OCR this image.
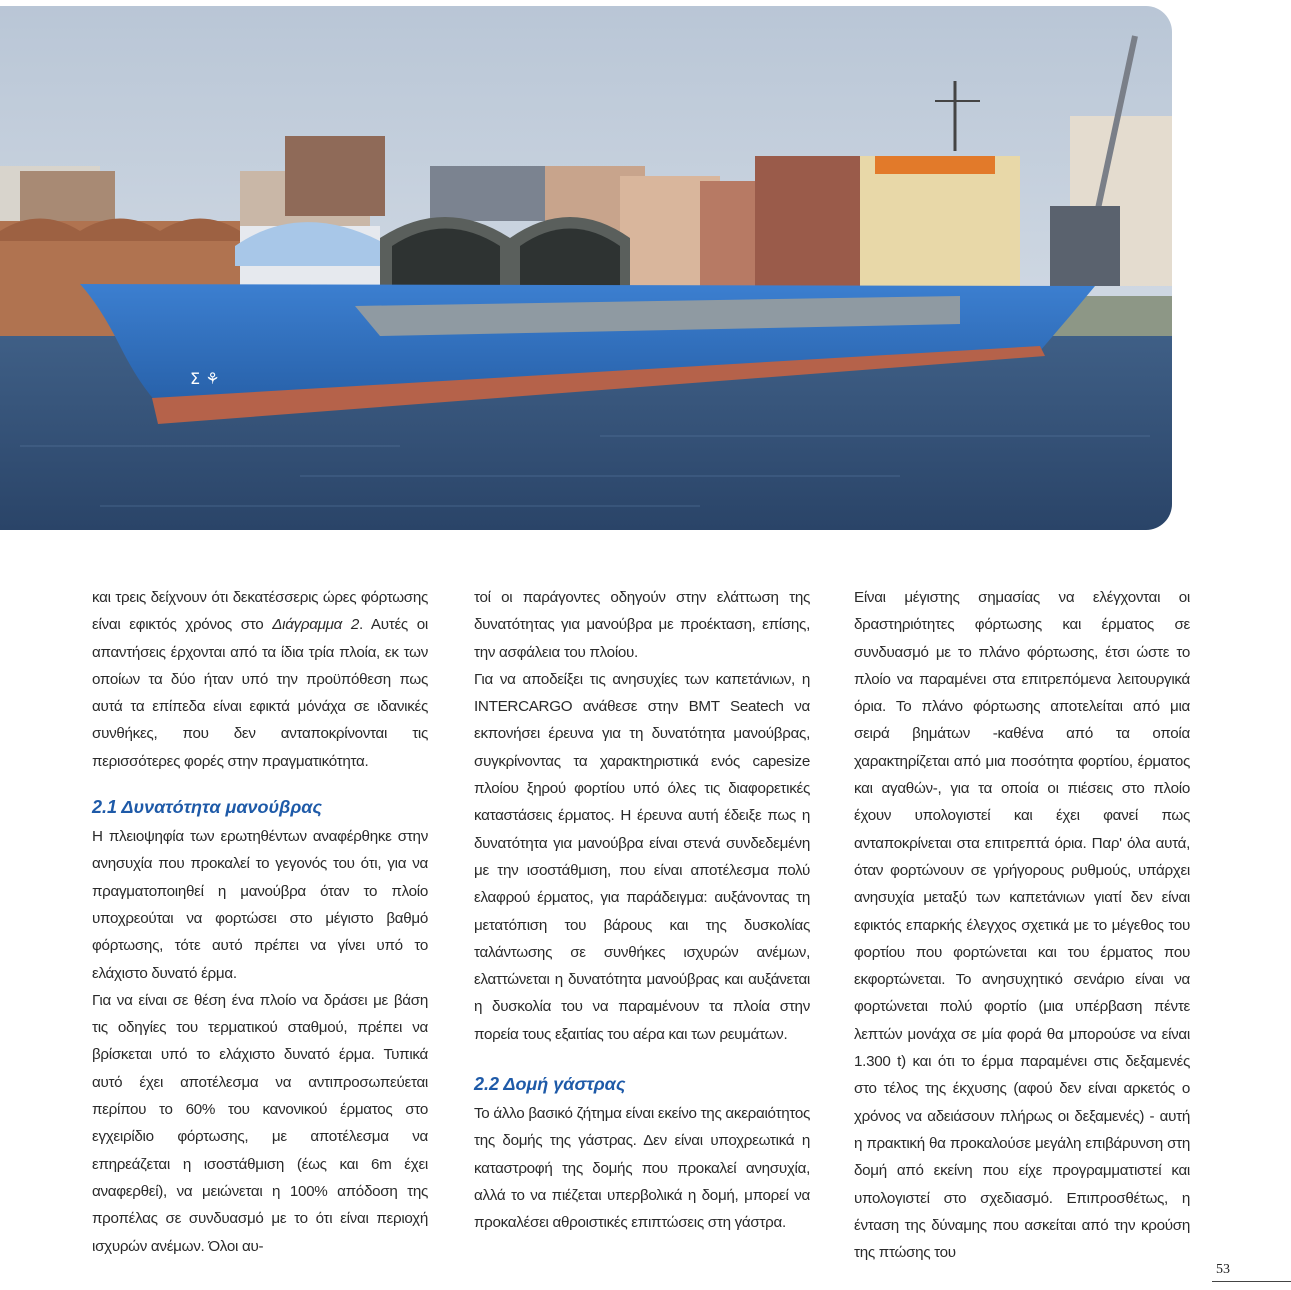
Σ ⚘

και τρεις δείχνουν ότι δεκατέσσερις ώρες φόρτωσης είναι εφικτός χρόνος στο Διάγραμμα 2. Αυτές οι απαντήσεις έρχονται από τα ίδια τρία πλοία, εκ των οποίων τα δύο ήταν υπό την προϋπόθεση πως αυτά τα επίπεδα είναι εφικτά μόνάχα σε ιδανικές συνθήκες, που δεν ανταποκρίνονται τις περισσότερες φορές στην πραγματικότητα.

2.1 Δυνατότητα μανούβρας

Η πλειοψηφία των ερωτηθέντων αναφέρθηκε στην ανησυχία που προκαλεί το γεγονός του ότι, για να πραγματοποιηθεί η μανούβρα όταν το πλοίο υποχρεούται να φορτώσει στο μέγιστο βαθμό φόρτωσης, τότε αυτό πρέπει να γίνει υπό το ελάχιστο δυνατό έρμα.

Για να είναι σε θέση ένα πλοίο να δράσει με βάση τις οδηγίες του τερματικού σταθμού, πρέπει να βρίσκεται υπό το ελάχιστο δυνατό έρμα. Τυπικά αυτό έχει αποτέλεσμα να αντιπροσωπεύεται περίπου το 60% του κανονικού έρματος στο εγχειρίδιο φόρτωσης, με αποτέλεσμα να επηρεάζεται η ισοστάθμιση (έως και 6m έχει αναφερθεί), να μειώνεται η 100% απόδοση της προπέλας σε συνδυασμό με το ότι είναι περιοχή ισχυρών ανέμων. Όλοι αυ-

τοί οι παράγοντες οδηγούν στην ελάττωση της δυνατότητας για μανούβρα με προέκταση, επίσης, την ασφάλεια του πλοίου.

Για να αποδείξει τις ανησυχίες των καπετάνιων, η INTERCARGO ανάθεσε στην BMT Seatech να εκπονήσει έρευνα για τη δυνατότητα μανούβρας, συγκρίνοντας τα χαρακτηριστικά ενός capesize πλοίου ξηρού φορτίου υπό όλες τις διαφορετικές καταστάσεις έρματος. Η έρευνα αυτή έδειξε πως η δυνατότητα για μανούβρα είναι στενά συνδεδεμένη με την ισοστάθμιση, που είναι αποτέλεσμα πολύ ελαφρού έρματος, για παράδειγμα: αυξάνοντας τη μετατόπιση του βάρους και της δυσκολίας ταλάντωσης σε συνθήκες ισχυρών ανέμων, ελαττώνεται η δυνατότητα μανούβρας και αυξάνεται η δυσκολία του να παραμένουν τα πλοία στην πορεία τους εξαιτίας του αέρα και των ρευμάτων.

2.2 Δομή γάστρας

Το άλλο βασικό ζήτημα είναι εκείνο της ακεραιότητος της δομής της γάστρας. Δεν είναι υποχρεωτικά η καταστροφή της δομής που προκαλεί ανησυχία, αλλά το να πιέζεται υπερβολικά η δομή, μπορεί να προκαλέσει αθροιστικές επιπτώσεις στη γάστρα.

Είναι μέγιστης σημασίας να ελέγχονται οι δραστηριότητες φόρτωσης και έρματος σε συνδυασμό με το πλάνο φόρτωσης, έτσι ώστε το πλοίο να παραμένει στα επιτρεπόμενα λειτουργικά όρια. Το πλάνο φόρτωσης αποτελείται από μια σειρά βημάτων -καθένα από τα οποία χαρακτηρίζεται από μια ποσότητα φορτίου, έρματος και αγαθών-, για τα οποία οι πιέσεις στο πλοίο έχουν υπολογιστεί και έχει φανεί πως ανταποκρίνεται στα επιτρεπτά όρια. Παρ' όλα αυτά, όταν φορτώνουν σε γρήγορους ρυθμούς, υπάρχει ανησυχία μεταξύ των καπετάνιων γιατί δεν είναι εφικτός επαρκής έλεγχος σχετικά με το μέγεθος του φορτίου που φορτώνεται και του έρματος που εκφορτώνεται. Το ανησυχητικό σενάριο είναι να φορτώνεται πολύ φορτίο (μια υπέρβαση πέντε λεπτών μονάχα σε μία φορά θα μπορούσε να είναι 1.300 t) και ότι το έρμα παραμένει στις δεξαμενές στο τέλος της έκχυσης (αφού δεν είναι αρκετός ο χρόνος να αδειάσουν πλήρως οι δεξαμενές) - αυτή η πρακτική θα προκαλούσε μεγάλη επιβάρυνση στη δομή από εκείνη που είχε προγραμματιστεί και υπολογιστεί στο σχεδιασμό. Επιπροσθέτως, η ένταση της δύναμης που ασκείται από την κρούση της πτώσης του

53
